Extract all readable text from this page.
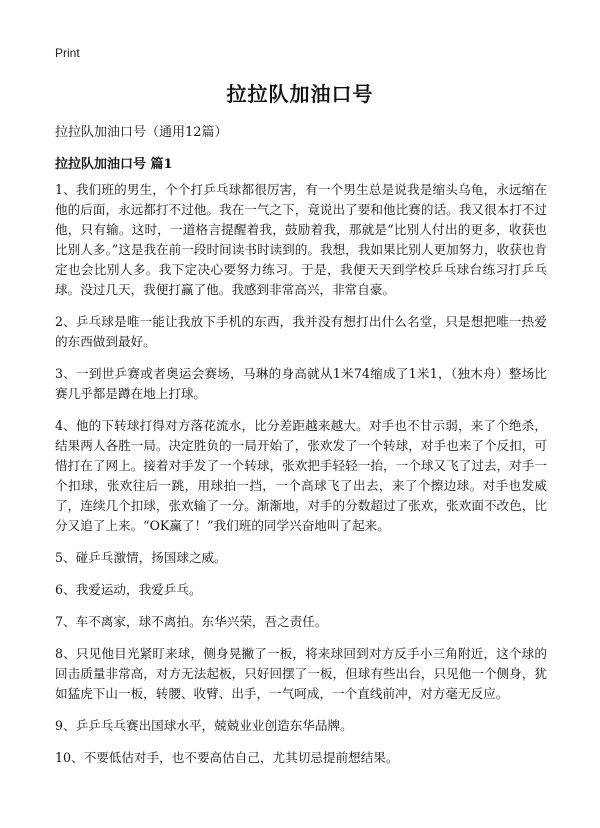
Print
拉拉队加油口号
拉拉队加油口号（通用12篇）
拉拉队加油口号 篇1

1、我们班的男生，个个打乒乓球都很厉害，有一个男生总是说我是缩头乌龟，永远缩在他的后面，永远都打不过他。我在一气之下，竟说出了要和他比赛的话。我又很本打不过他，只有输。这时，一道格言提醒着我，鼓励着我，那就是“比别人付出的更多，收获也比别人多。”这是我在前一段时间读书时读到的。我想，我如果比别人更加努力，收获也肯定也会比别人多。我下定决心要努力练习。于是，我便天天到学校乒乓球台练习打乒乓球。没过几天，我便打赢了他。我感到非常高兴，非常自豪。

2、乒乓球是唯一能让我放下手机的东西，我并没有想打出什么名堂，只是想把唯一热爱的东西做到最好。

3、一到世乒赛或者奥运会赛场，马琳的身高就从1米74缩成了1米1，（独木舟）整场比赛几乎都是蹲在地上打球。

4、他的下转球打得对方落花流水，比分差距越来越大。对手也不甘示弱，来了个绝杀，结果两人各胜一局。决定胜负的一局开始了，张欢发了一个转球，对手也来了个反扣，可惜打在了网上。接着对手发了一个转球，张欢把手轻轻一抬，一个球又飞了过去，对手一个扣球，张欢往后一跳，用球拍一挡，一个高球飞了出去，来了个擦边球。对手也发威了，连续几个扣球，张欢输了一分。渐渐地，对手的分数超过了张欢，张欢面不改色，比分又追了上来。“OK赢了！”我们班的同学兴奋地叫了起来。

5、碰乒乓激情，扬国球之威。

6、我爱运动，我爱乒乓。

7、车不离家，球不离拍。东华兴荣，吾之责任。

8、只见他目光紧盯来球，侧身晃撇了一板，将来球回到对方反手小三角附近，这个球的回击质量非常高，对方无法起板，只好回摆了一板，但球有些出台，只见他一个侧身，犹如猛虎下山一板，转腰、收臂、出手，一气呵成，一个直线前冲，对方毫无反应。

9、乒乒乓乓赛出国球水平，兢兢业业创造东华品牌。

10、不要低估对手，也不要高估自己，尤其切忌提前想结果。
